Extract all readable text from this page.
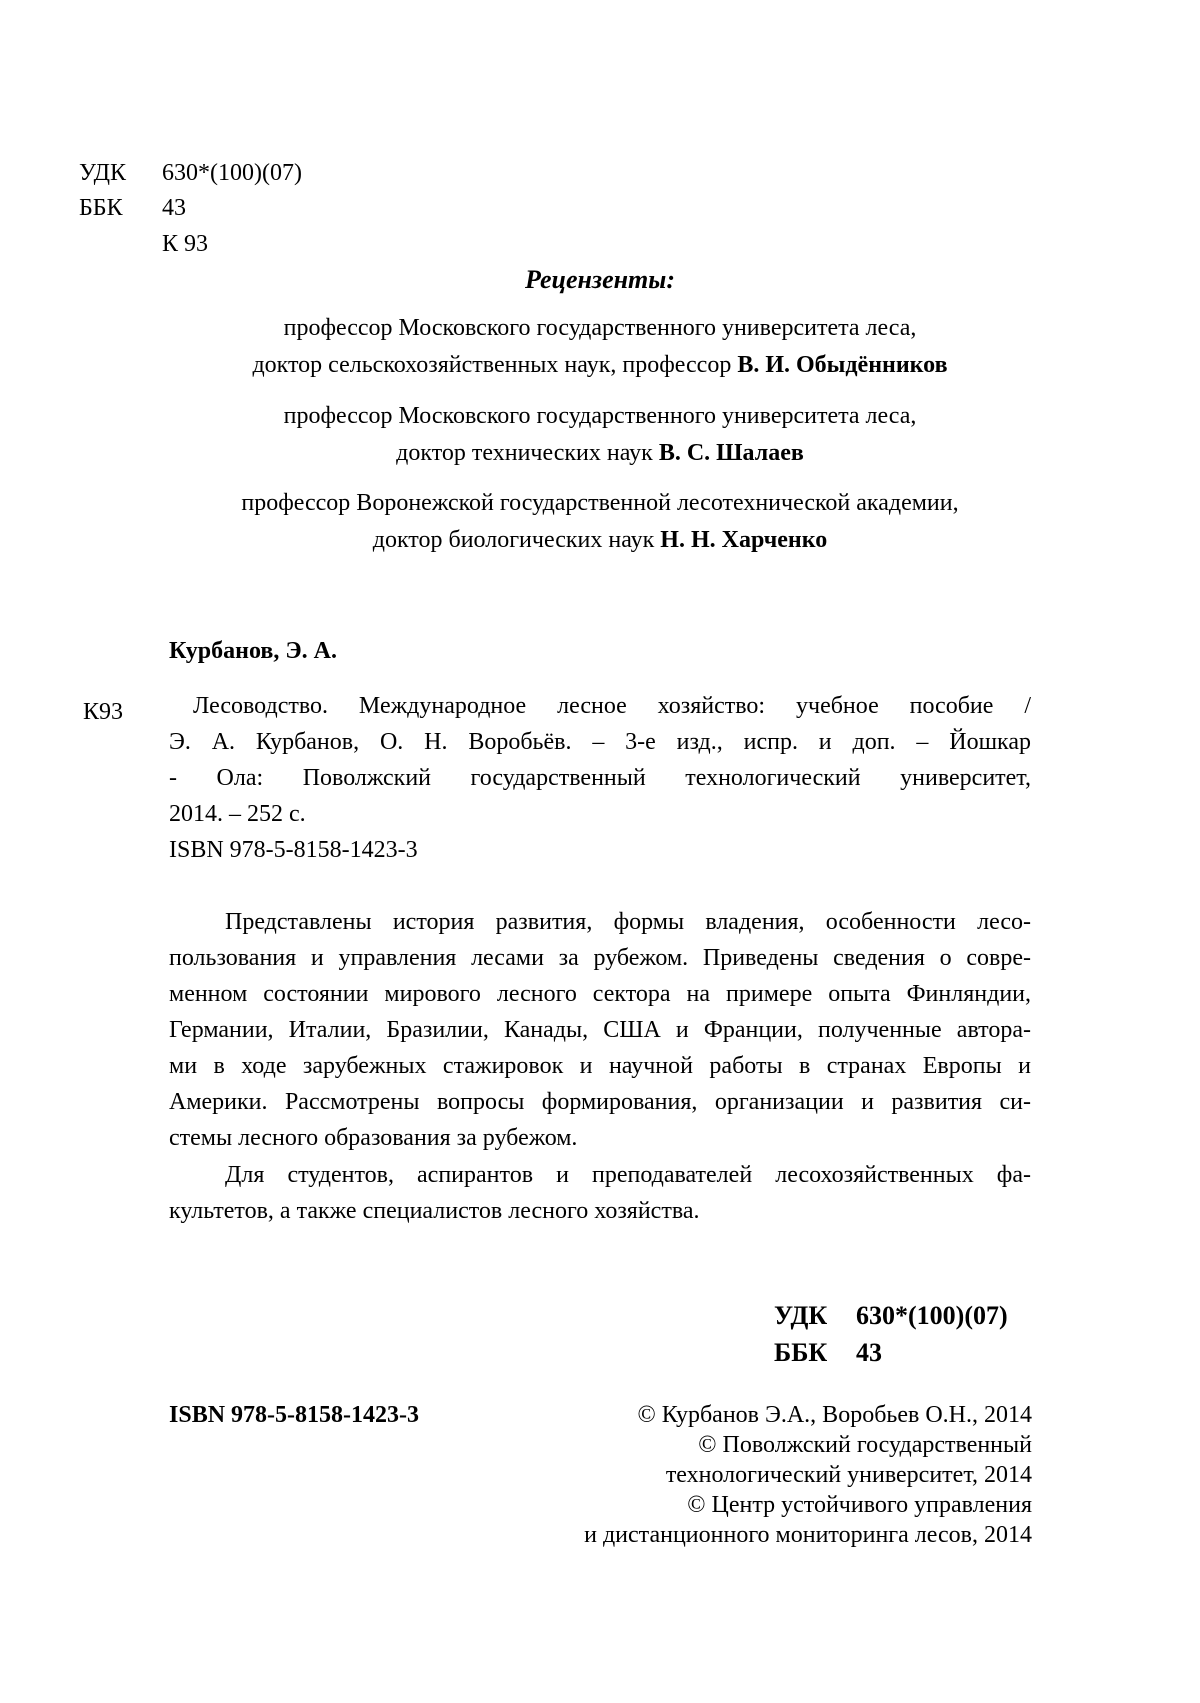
УДК 630*(100)(07)
ББК 43
К 93
Рецензенты:
профессор Московского государственного университета леса,
доктор сельскохозяйственных наук, профессор В. И. Обыдёнников
профессор Московского государственного университета леса,
доктор технических наук В. С. Шалаев
профессор Воронежской государственной лесотехнической академии,
доктор биологических наук Н. Н. Харченко
Курбанов, Э. А.
К93	Лесоводство. Международное лесное хозяйство: учебное пособие /
Э. А. Курбанов, О. Н. Воробьёв. – 3-е изд., испр. и доп. – Йошкар
- Ола: Поволжский государственный технологический университет,
2014. – 252 с.
ISBN 978-5-8158-1423-3
Представлены история развития, формы владения, особенности лесо-
пользования и управления лесами за рубежом. Приведены сведения о совре-
менном состоянии мирового лесного сектора на примере опыта Финляндии,
Германии, Италии, Бразилии, Канады, США и Франции, полученные автора-
ми в ходе зарубежных стажировок и научной работы в странах Европы и
Америки. Рассмотрены вопросы формирования, организации и развития си-
стемы лесного образования за рубежом.
Для студентов, аспирантов и преподавателей лесохозяйственных фа-
культетов, а также специалистов лесного хозяйства.
УДК 630*(100)(07)
ББК 43
ISBN 978-5-8158-1423-3	© Курбанов Э.А., Воробьев О.Н., 2014
© Поволжский государственный
технологический университет, 2014
© Центр устойчивого управления
и дистанционного мониторинга лесов, 2014
